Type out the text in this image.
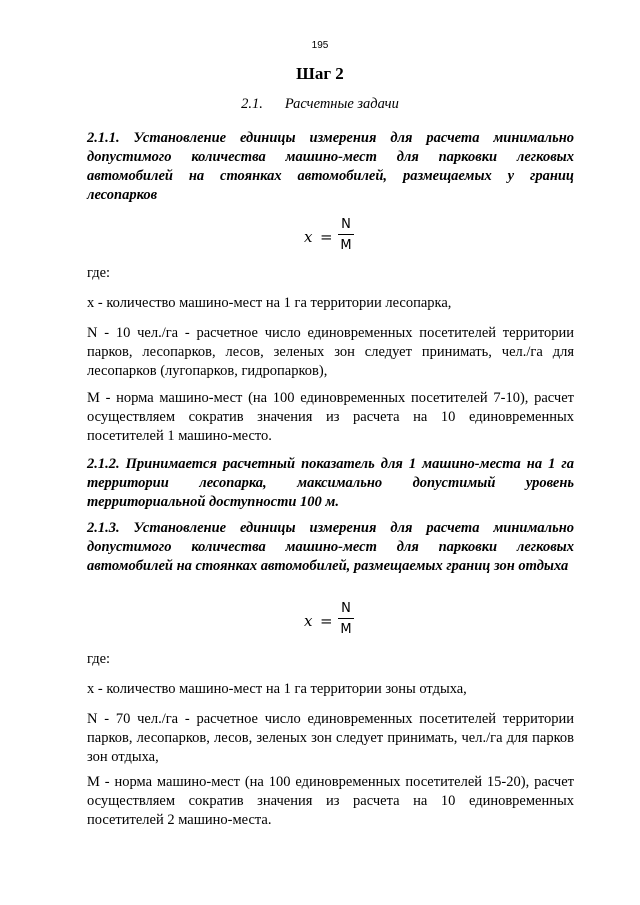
195
Шаг 2
2.1. Расчетные задачи
2.1.1. Установление единицы измерения для расчета минимально допустимого количества машино-мест для парковки легковых автомобилей на стоянках автомобилей, размещаемых у границ лесопарков
x =
N
M
где:
x - количество машино-мест на 1 га территории лесопарка,
N - 10 чел./га - расчетное число единовременных посетителей территории парков, лесопарков, лесов, зеленых зон следует принимать, чел./га для лесопарков (лугопарков, гидропарков),
M - норма машино-мест (на 100 единовременных посетителей 7-10), расчет осуществляем сократив значения из расчета на 10 единовременных посетителей 1 машино-место.
2.1.2. Принимается расчетный показатель для 1 машино-места на 1 га территории лесопарка, максимально допустимый уровень территориальной доступности 100 м.
2.1.3. Установление единицы измерения для расчета минимально допустимого количества машино-мест для парковки легковых автомобилей на стоянках автомобилей, размещаемых границ зон отдыха
x =
N
M
где:
x - количество машино-мест на 1 га территории зоны отдыха,
N - 70 чел./га - расчетное число единовременных посетителей территории парков, лесопарков, лесов, зеленых зон следует принимать, чел./га для парков зон отдыха,
M - норма машино-мест (на 100 единовременных посетителей 15-20), расчет осуществляем сократив значения из расчета на 10 единовременных посетителей 2 машино-места.
